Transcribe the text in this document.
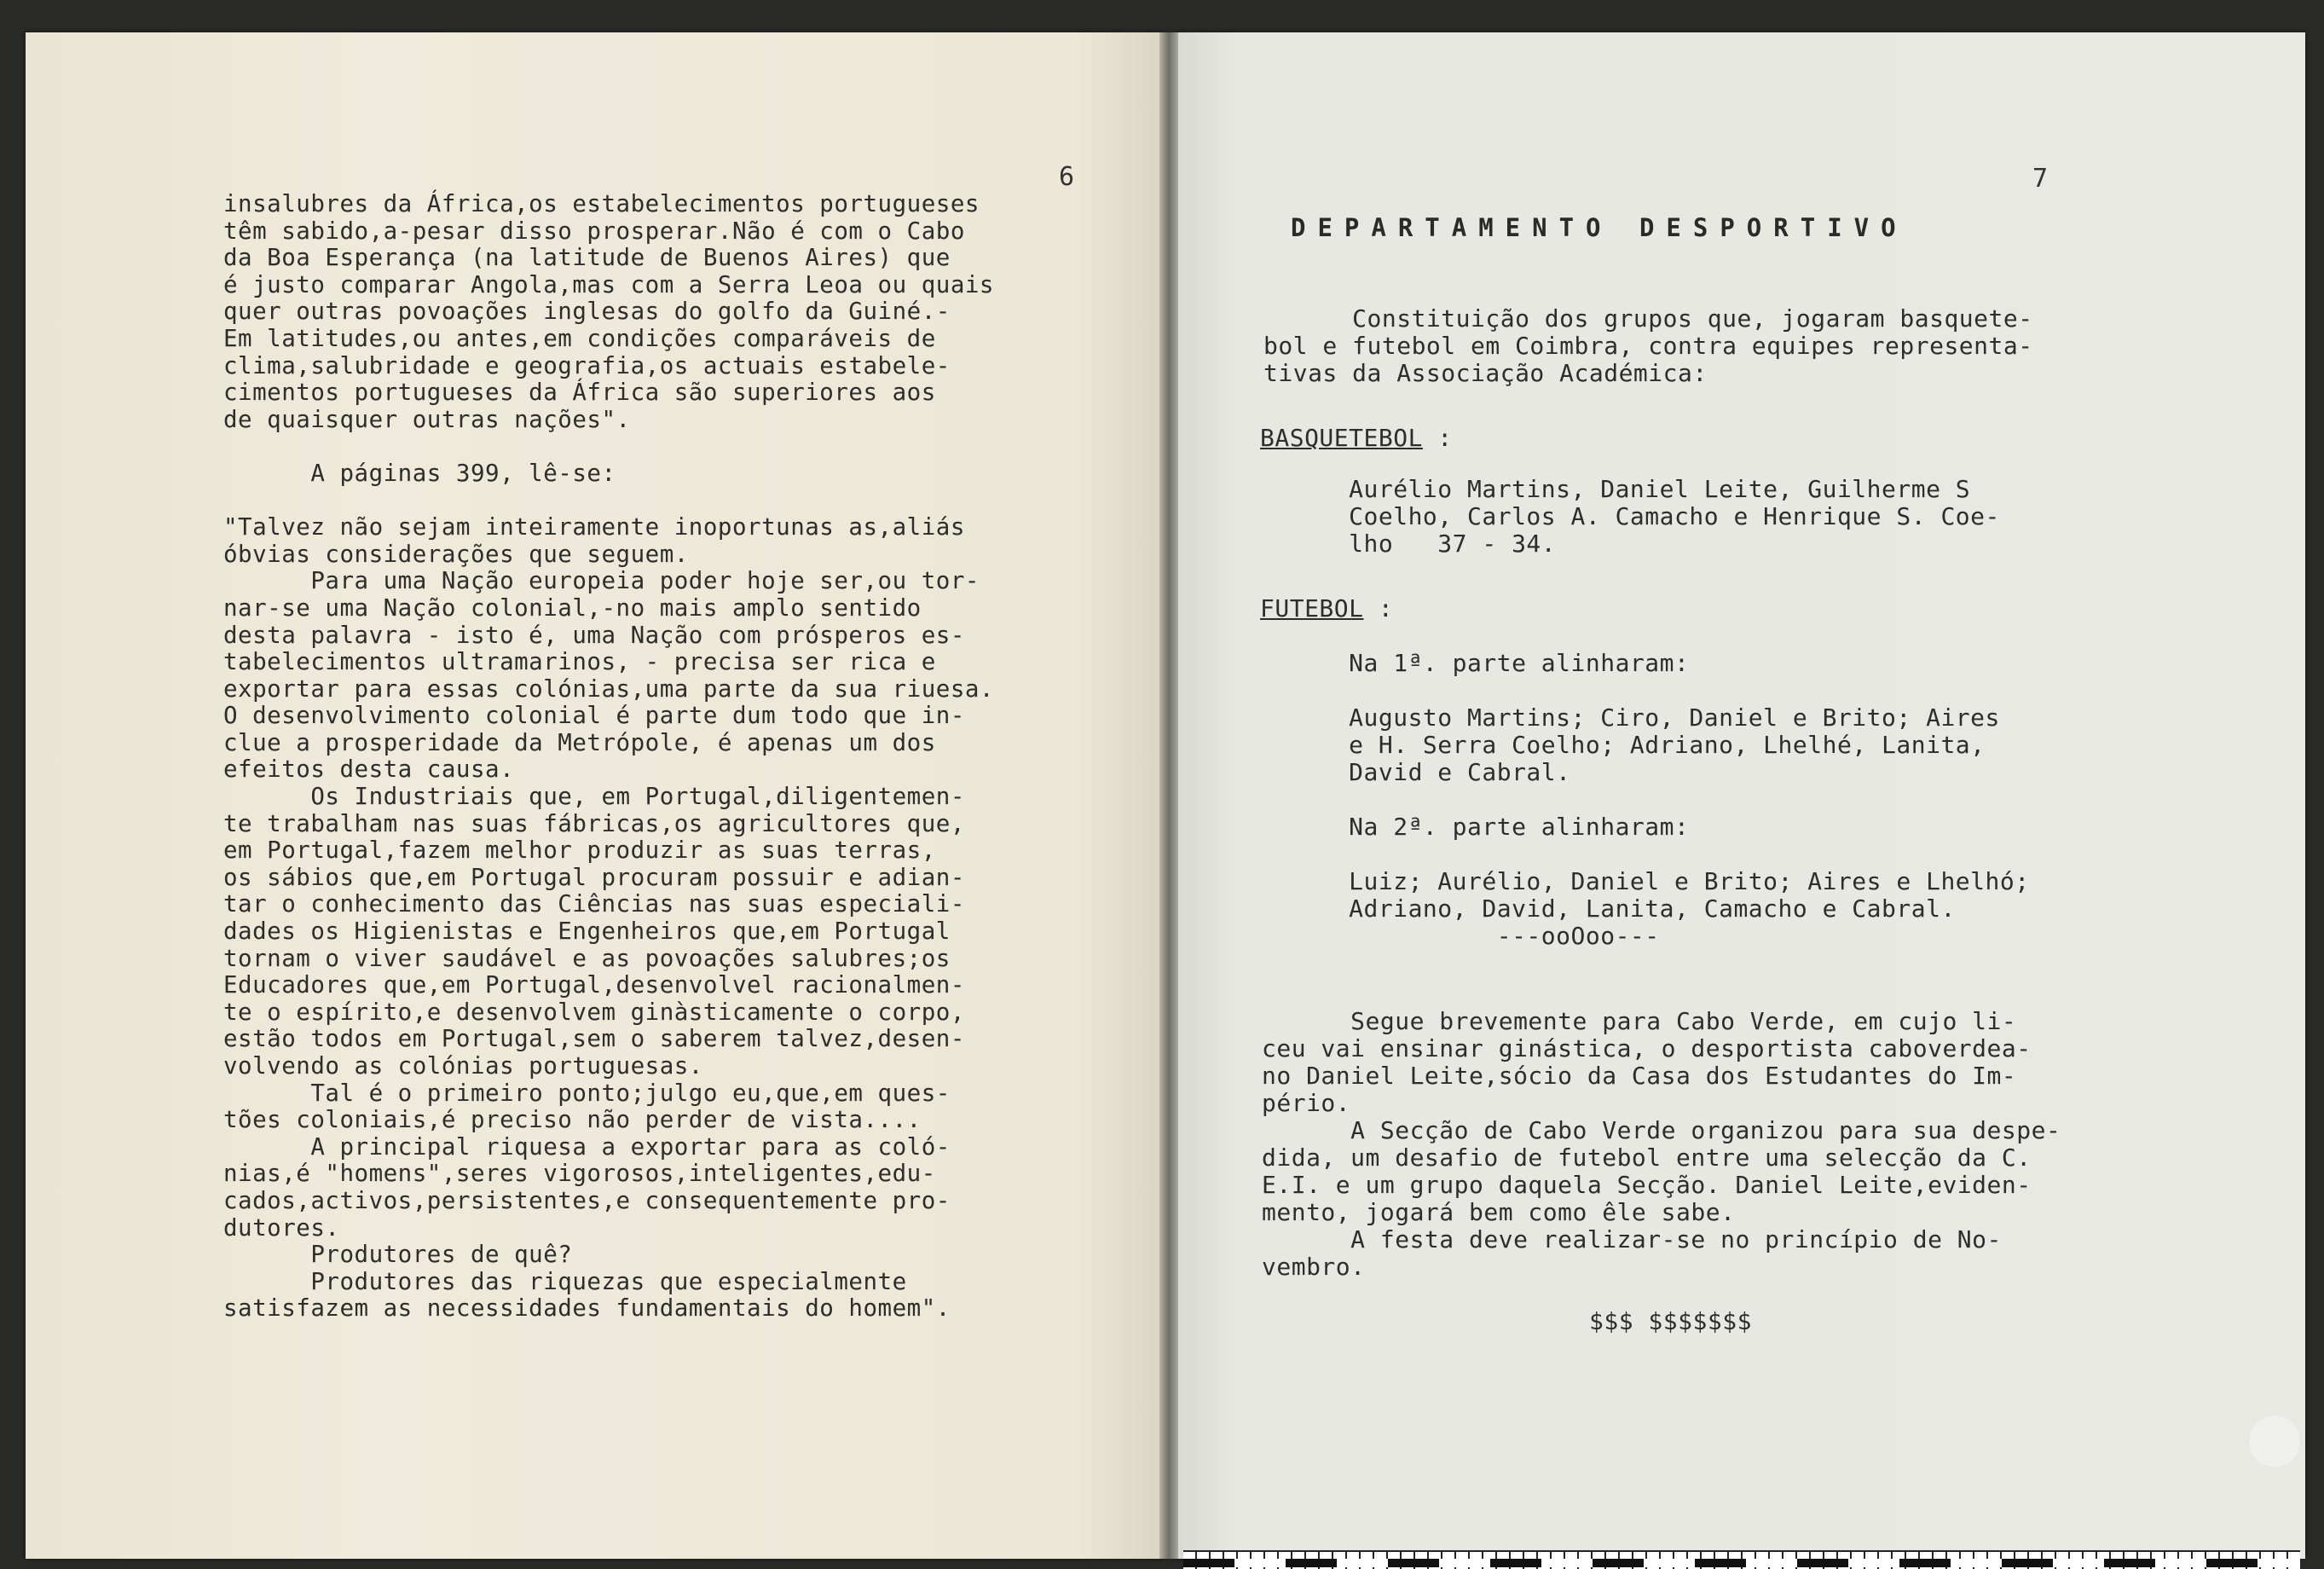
6
insalubres da África,os estabelecimentos portugueses
têm sabido,a-pesar disso prosperar.Não é com o Cabo
da Boa Esperança (na latitude de Buenos Aires) que
é justo comparar Angola,mas com a Serra Leoa ou quais
quer outras povoações inglesas do golfo da Guiné.-
Em latitudes,ou antes,em condições comparáveis de
clima,salubridade e geografia,os actuais estabele-
cimentos portugueses da África são superiores aos
de quaisquer outras nações".

A páginas 399, lê-se:

"Talvez não sejam inteiramente inoportunas as,aliás
óbvias considerações que seguem.
Para uma Nação europeia poder hoje ser,ou tor-
nar-se uma Nação colonial,-no mais amplo sentido
desta palavra - isto é, uma Nação com prósperos es-
tabelecimentos ultramarinos, - precisa ser rica e
exportar para essas colónias,uma parte da sua riuesa.
O desenvolvimento colonial é parte dum todo que in-
clue a prosperidade da Metrópole, é apenas um dos
efeitos desta causa.
Os Industriais que, em Portugal,diligentemen-
te trabalham nas suas fábricas,os agricultores que,
em Portugal,fazem melhor produzir as suas terras,
os sábios que,em Portugal procuram possuir e adian-
tar o conhecimento das Ciências nas suas especiali-
dades os Higienistas e Engenheiros que,em Portugal
tornam o viver saudável e as povoações salubres;os
Educadores que,em Portugal,desenvolvel racionalmen-
te o espírito,e desenvolvem ginàsticamente o corpo,
estão todos em Portugal,sem o saberem talvez,desen-
volvendo as colónias portuguesas.
Tal é o primeiro ponto;julgo eu,que,em ques-
tões coloniais,é preciso não perder de vista....
A principal riquesa a exportar para as coló-
nias,é "homens",seres vigorosos,inteligentes,edu-
cados,activos,persistentes,e consequentemente pro-
dutores.
Produtores de quê?
Produtores das riquezas que especialmente
satisfazem as necessidades fundamentais do homem".
7
DEPARTAMENTO DESPORTIVO
Constituição dos grupos que, jogaram basquete-
bol e futebol em Coimbra, contra equipes representa-
tivas da Associação Académica:
BASQUETEBOL :
Aurélio Martins, Daniel Leite, Guilherme S
Coelho, Carlos A. Camacho e Henrique S. Coe-
lho   37 - 34.
FUTEBOL :
Na 1ª. parte alinharam:

Augusto Martins; Ciro, Daniel e Brito; Aires
e H. Serra Coelho; Adriano, Lhelhé, Lanita,
David e Cabral.

Na 2ª. parte alinharam:

Luiz; Aurélio, Daniel e Brito; Aires e Lhelhó;
Adriano, David, Lanita, Camacho e Cabral.
---ooOoo---
Segue brevemente para Cabo Verde, em cujo li-
ceu vai ensinar ginástica, o desportista caboverdea-
no Daniel Leite,sócio da Casa dos Estudantes do Im-
pério.
A Secção de Cabo Verde organizou para sua despe-
dida, um desafio de futebol entre uma selecção da C.
E.I. e um grupo daquela Secção. Daniel Leite,eviden-
mento, jogará bem como êle sabe.
A festa deve realizar-se no princípio de No-
vembro.
$$$ $$$$$$$
